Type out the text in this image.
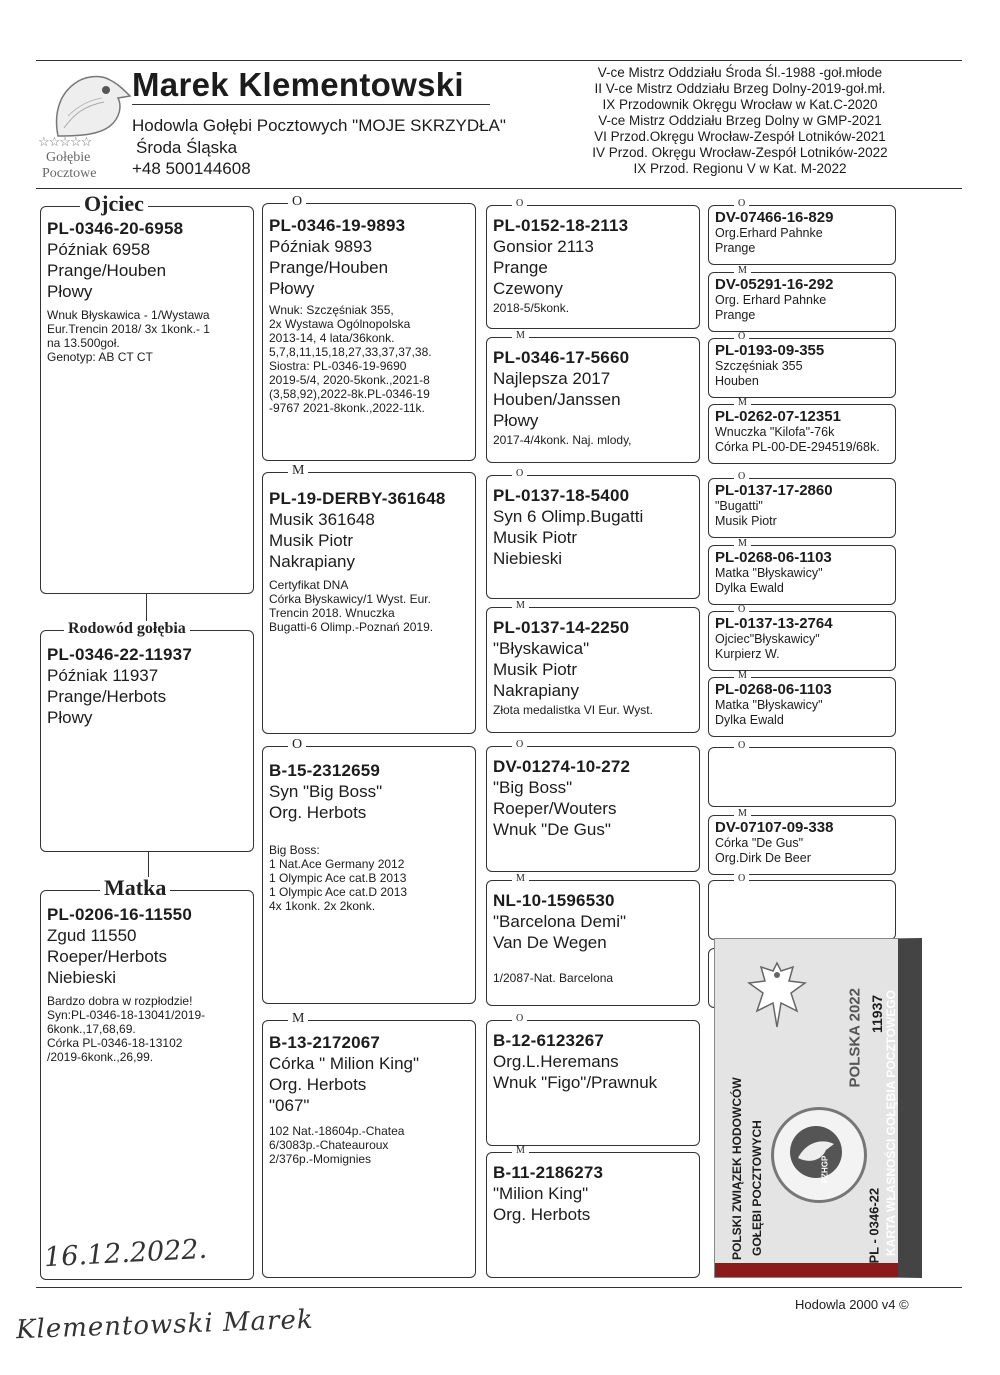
☆☆☆☆☆
Gołębie
Pocztowe
Marek Klementowski
Hodowla Gołębi Pocztowych "MOJE SKRZYDŁA"
Środa Śląska
+48 500144608
V-ce Mistrz Oddziału Środa Śl.-1988 -goł.młode
II V-ce Mistrz Oddziału Brzeg Dolny-2019-goł.mł.
IX Przodownik Okręgu Wrocław w Kat.C-2020
V-ce Mistrz Oddziału Brzeg Dolny w GMP-2021
VI Przod.Okręgu Wrocław-Zespół Lotników-2021
IV Przod. Okręgu Wrocław-Zespół Lotników-2022
IX Przod. Regionu V w Kat. M-2022
PL-0346-20-6958
Późniak 6958
Prange/Houben
Płowy
Wnuk Błyskawica - 1/Wystawa
Eur.Trencin 2018/ 3x 1konk.- 1
na 13.500goł.
Genotyp: AB CT CT
Ojciec
PL-0346-22-11937
Późniak 11937
Prange/Herbots
Płowy
Rodowód gołębia
PL-0206-16-11550
Zgud 11550
Roeper/Herbots
Niebieski
Bardzo dobra w rozpłodzie!
Syn:PL-0346-18-13041/2019-
6konk.,17,68,69.
Córka PL-0346-18-13102
/2019-6konk.,26,99.
Matka
16.12.2022.
PL-0346-19-9893
Późniak 9893
Prange/Houben
Płowy
Wnuk: Szczęśniak 355,
2x Wystawa Ogólnopolska
2013-14, 4 lata/36konk.
5,7,8,11,15,18,27,33,37,37,38.
Siostra: PL-0346-19-9690
2019-5/4, 2020-5konk.,2021-8
(3,58,92),2022-8k.PL-0346-19
-9767 2021-8konk.,2022-11k.
O
PL-19-DERBY-361648
Musik 361648
Musik Piotr
Nakrapiany
Certyfikat DNA
Córka Błyskawicy/1 Wyst. Eur.
Trencin 2018. Wnuczka
Bugatti-6 Olimp.-Poznań 2019.
M
B-15-2312659
Syn "Big Boss"
Org. Herbots
Big Boss:
1 Nat.Ace Germany 2012
1 Olympic Ace cat.B 2013
1 Olympic Ace cat.D 2013
4x 1konk. 2x 2konk.
O
B-13-2172067
Córka " Milion King"
Org. Herbots
"067"
102 Nat.-18604p.-Chatea
6/3083p.-Chateauroux
2/376p.-Momignies
M
PL-0152-18-2113
Gonsior 2113
Prange
Czewony
2018-5/5konk.
O
PL-0346-17-5660
Najlepsza 2017
Houben/Janssen
Płowy
2017-4/4konk. Naj. mlody,
M
PL-0137-18-5400
Syn 6 Olimp.Bugatti
Musik Piotr
Niebieski
O
PL-0137-14-2250
"Błyskawica"
Musik Piotr
Nakrapiany
Złota medalistka VI Eur. Wyst.
M
DV-01274-10-272
"Big Boss"
Roeper/Wouters
Wnuk "De Gus"
O
NL-10-1596530
"Barcelona Demi"
Van De Wegen
1/2087-Nat. Barcelona
M
B-12-6123267
Org.L.Heremans
Wnuk "Figo"/Prawnuk
O
B-11-2186273
"Milion King"
Org. Herbots
M
DV-07466-16-829
Org.Erhard Pahnke
Prange
O
DV-05291-16-292
Org. Erhard Pahnke
Prange
M
PL-0193-09-355
Szczęśniak 355
Houben
O
PL-0262-07-12351
Wnuczka "Kilofa"-76k
Córka PL-00-DE-294519/68k.
M
PL-0137-17-2860
"Bugatti"
Musik Piotr
O
PL-0268-06-1103
Matka "Błyskawicy"
Dylka Ewald
M
PL-0137-13-2764
Ojciec"Błyskawicy"
Kurpierz W.
O
PL-0268-06-1103
Matka "Błyskawicy"
Dylka Ewald
M
O
DV-07107-09-338
Córka "De Gus"
Org.Dirk De Beer
M
O
PZHGP
POLSKI ZWIĄZEK HODOWCÓW GOŁĘBI POCZTOWYCH
POLSKA 2022 11937
PL - 0346-22 KARTA WŁASNOŚCI GOŁĘBIA POCZTOWEGO
Hodowla 2000 v4 ©
Klementowski Marek
